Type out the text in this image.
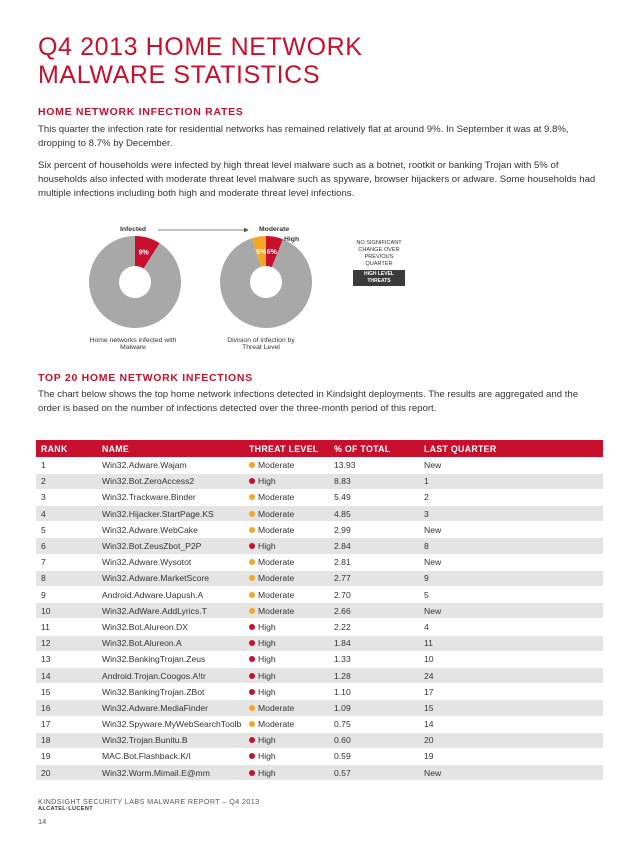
Q4 2013 HOME NETWORK
MALWARE STATISTICS
HOME NETWORK INFECTION RATES

This quarter the infection rate for residential networks has remained relatively flat at around 9%. In September it was at 9.8%, dropping to 8.7% by December.

Six percent of households were infected by high threat level malware such as a botnet, rootkit or banking Trojan with 5% of households also infected with moderate threat level malware such as spyware, browser hijackers or adware. Some households had multiple infections including both high and moderate threat level infections.

9%	5% 6%
Infected	Moderate
High
Home networks infected with Malware
Division of infection by Threat Level
NO SIGNIFICANT CHANGE OVER PREVIOUS QUARTER
HIGH LEVEL THREATS
TOP 20 HOME NETWORK INFECTIONS

The chart below shows the top home network infections detected in Kindsight deployments. The results are aggregated and the order is based on the number of infections detected over the three-month period of this report.

RANK	NAME	THREAT LEVEL	% OF TOTAL	LAST QUARTER
1	Win32.Adware.Wajam	Moderate	13.93	New
2	Win32.Bot.ZeroAccess2	High	8.83	1
3	Win32.Trackware.Binder	Moderate	5.49	2
4	Win32.Hijacker.StartPage.KS	Moderate	4.85	3
5	Win32.Adware.WebCake	Moderate	2.99	New
6	Win32.Bot.ZeusZbot_P2P	High	2.84	8
7	Win32.Adware.Wysotot	Moderate	2.81	New
8	Win32.Adware.MarketScore	Moderate	2.77	9
9	Android.Adware.Uapush.A	Moderate	2.70	5
10	Win32.AdWare.AddLyrics.T	Moderate	2.66	New
11	Win32.Bot.Alureon.DX	High	2.22	4
12	Win32.Bot.Alureon.A	High	1.84	11
13	Win32.BankingTrojan.Zeus	High	1.33	10
14	Android.Trojan.Coogos.A!tr	High	1.28	24
15	Win32.BankingTrojan.ZBot	High	1.10	17
16	Win32.Adware.MediaFinder	Moderate	1.09	15
17	Win32.Spyware.MyWebSearchToolb	Moderate	0.75	14
18	Win32.Trojan.Bunitu.B	High	0.60	20
19	MAC.Bot.Flashback.K/I	High	0.59	19
20	Win32.Worm.Mimail.E@mm	High	0.57	New
KINDSIGHT SECURITY LABS MALWARE REPORT – Q4 2013
ALCATEL·LUCENT
14
